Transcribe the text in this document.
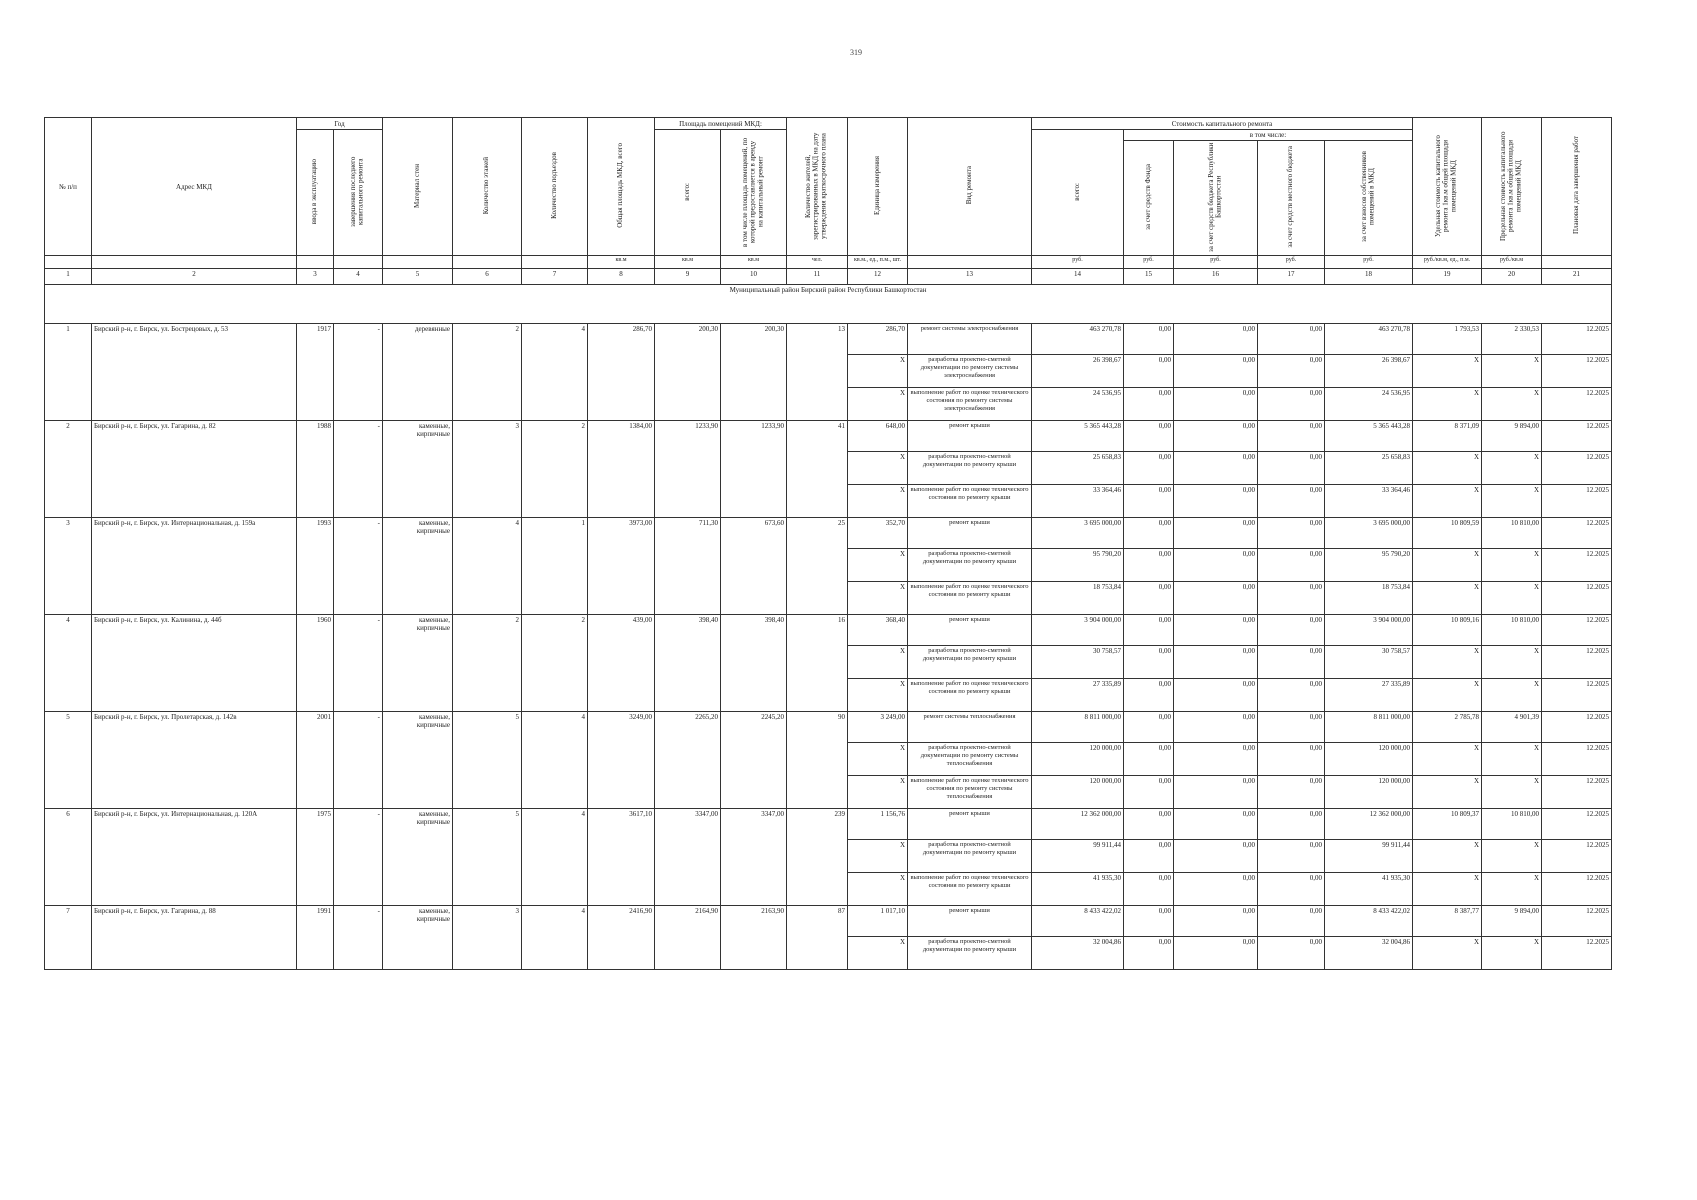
319
№ п/п	Адрес МКД	Год		Материал стен	Количество этажей	Количество подъездов	Общая площадь МКД, всего	Площадь помещений МКД:		Количество жителей, зарегистрированных в МКД на дату утверждения краткосрочного плана	Единица измерения	Вид ремонта	Стоимость капитального ремонта					Удельная стоимость капитального ремонта 1кв.м общей площади помещений МКД	Предельная стоимость капитального ремонта 1кв.м общей площади помещений МКД	Плановая дата завершения работ
		ввода в эксплуатацию	завершения последнего капитального ремонта					всего:	в том числе площадь помещений, по которой предоставляется в аренду на капитальный ремонт				всего:	в том числе:						
														за счет средств Фонда	за счет средств бюджета Республики Башкортостан	за счет средств местного бюджета	за счет взносов собственников помещений в МКД			
							кв.м	кв.м	кв.м	чел.	кв.м., ед., п.м., шт.		руб.	руб.	руб.	руб.	руб.	руб./кв.м, ед., п.м.	руб./кв.м	
1	2	3	4	5	6	7	8	9	10	11	12	13	14	15	16	17	18	19	20	21
Муниципальный район Бирский район Республики Башкортостан																				
1	Бирский р-н, г. Бирск, ул. Бострецовых, д. 53	1917	-	деревянные	2	4	286,70	200,30	200,30	13	286,70	ремонт системы электроснабжения	463 270,78	0,00	0,00	0,00	463 270,78	1 793,53	2 330,53	12.2025
											X	разработка проектно-сметной документации по ремонту системы электроснабжения	26 398,67	0,00	0,00	0,00	26 398,67	X	X	12.2025
											X	выполнение работ по оценке технического состояния по ремонту системы электроснабжения	24 536,95	0,00	0,00	0,00	24 536,95	X	X	12.2025
2	Бирский р-н, г. Бирск, ул. Гагарина, д. 82	1988	-	каменные, кирпичные	3	2	1384,00	1233,90	1233,90	41	648,00	ремонт крыши	5 365 443,28	0,00	0,00	0,00	5 365 443,28	8 371,09	9 894,00	12.2025
											X	разработка проектно-сметной документации по ремонту крыши	25 658,83	0,00	0,00	0,00	25 658,83	X	X	12.2025
											X	выполнение работ по оценке технического состояния по ремонту крыши	33 364,46	0,00	0,00	0,00	33 364,46	X	X	12.2025
3	Бирский р-н, г. Бирск, ул. Интернациональная, д. 159а	1993	-	каменные, кирпичные	4	1	3973,00	711,30	673,60	25	352,70	ремонт крыши	3 695 000,00	0,00	0,00	0,00	3 695 000,00	10 809,59	10 810,00	12.2025
											X	разработка проектно-сметной документации по ремонту крыши	95 790,20	0,00	0,00	0,00	95 790,20	X	X	12.2025
											X	выполнение работ по оценке технического состояния по ремонту крыши	18 753,84	0,00	0,00	0,00	18 753,84	X	X	12.2025
4	Бирский р-н, г. Бирск, ул. Калинина, д. 44б	1960	-	каменные, кирпичные	2	2	439,00	398,40	398,40	16	368,40	ремонт крыши	3 904 000,00	0,00	0,00	0,00	3 904 000,00	10 809,16	10 810,00	12.2025
											X	разработка проектно-сметной документации по ремонту крыши	30 758,57	0,00	0,00	0,00	30 758,57	X	X	12.2025
											X	выполнение работ по оценке технического состояния по ремонту крыши	27 335,89	0,00	0,00	0,00	27 335,89	X	X	12.2025
5	Бирский р-н, г. Бирск, ул. Пролетарская, д. 142в	2001	-	каменные, кирпичные	5	4	3249,00	2265,20	2245,20	90	3 249,00	ремонт системы теплоснабжения	8 811 000,00	0,00	0,00	0,00	8 811 000,00	2 785,78	4 901,39	12.2025
											X	разработка проектно-сметной документации по ремонту системы теплоснабжения	120 000,00	0,00	0,00	0,00	120 000,00	X	X	12.2025
											X	выполнение работ по оценке технического состояния по ремонту системы теплоснабжения	120 000,00	0,00	0,00	0,00	120 000,00	X	X	12.2025
6	Бирский р-н, г. Бирск, ул. Интернациональная, д. 120А	1975	-	каменные, кирпичные	5	4	3617,10	3347,00	3347,00	239	1 156,76	ремонт крыши	12 362 000,00	0,00	0,00	0,00	12 362 000,00	10 809,37	10 810,00	12.2025
											X	разработка проектно-сметной документации по ремонту крыши	99 911,44	0,00	0,00	0,00	99 911,44	X	X	12.2025
											X	выполнение работ по оценке технического состояния по ремонту крыши	41 935,30	0,00	0,00	0,00	41 935,30	X	X	12.2025
7	Бирский р-н, г. Бирск, ул. Гагарина, д. 88	1991	-	каменные, кирпичные	3	4	2416,90	2164,90	2163,90	87	1 017,10	ремонт крыши	8 433 422,02	0,00	0,00	0,00	8 433 422,02	8 387,77	9 894,00	12.2025
											X	разработка проектно-сметной документации по ремонту крыши	32 004,86	0,00	0,00	0,00	32 004,86	X	X	12.2025
